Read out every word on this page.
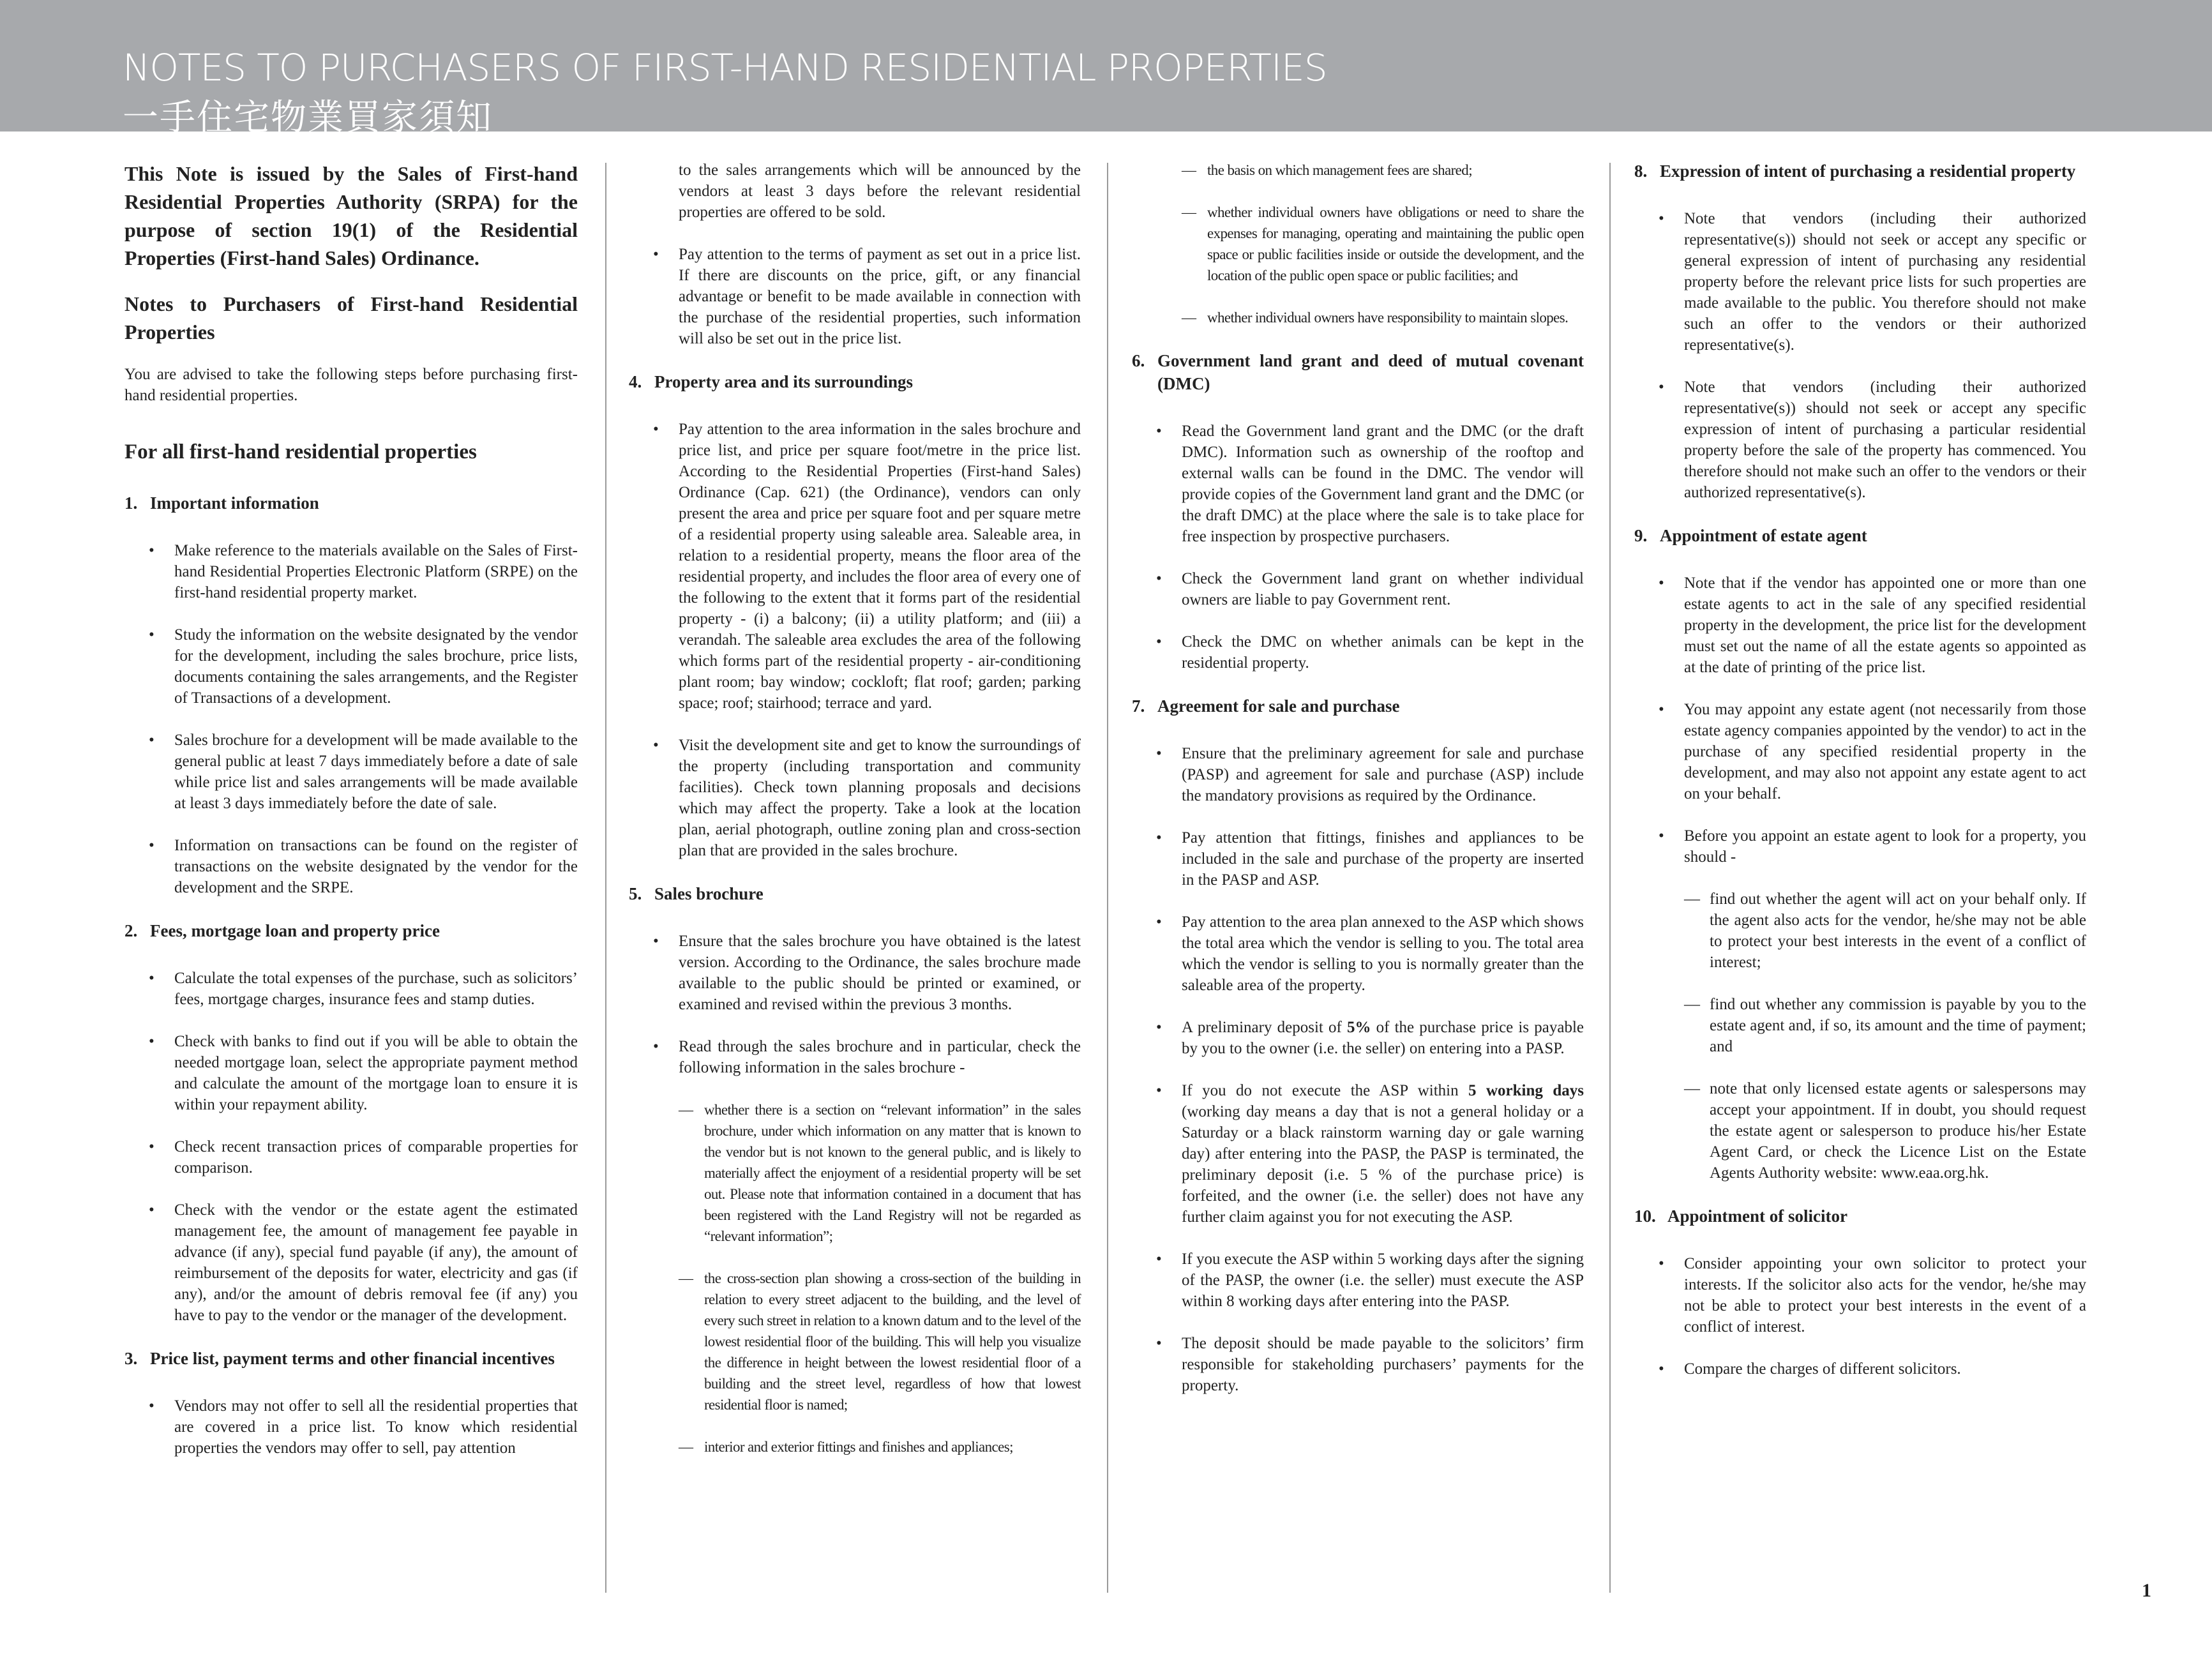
NOTES TO PURCHASERS OF FIRST-HAND RESIDENTIAL PROPERTIES
一手住宅物業買家須知
This Note is issued by the Sales of First-hand Residential Properties Authority (SRPA) for the purpose of section 19(1) of the Residential Properties (First-hand Sales) Ordinance.
Notes to Purchasers of First-hand Residential Properties
You are advised to take the following steps before purchasing first-hand residential properties.
For all first-hand residential properties
1. Important information
•	Make reference to the materials available on the Sales of First-hand Residential Properties Electronic Platform (SRPE) on the first-hand residential property market.
•	Study the information on the website designated by the vendor for the development, including the sales brochure, price lists, documents containing the sales arrangements, and the Register of Transactions of a development.
•	Sales brochure for a development will be made available to the general public at least 7 days immediately before a date of sale while price list and sales arrangements will be made available at least 3 days immediately before the date of sale.
•	Information on transactions can be found on the register of transactions on the website designated by the vendor for the development and the SRPE.
2. Fees, mortgage loan and property price
•	Calculate the total expenses of the purchase, such as solicitors’ fees, mortgage charges, insurance fees and stamp duties.
•	Check with banks to find out if you will be able to obtain the needed mortgage loan, select the appropriate payment method and calculate the amount of the mortgage loan to ensure it is within your repayment ability.
•	Check recent transaction prices of comparable properties for comparison.
•	Check with the vendor or the estate agent the estimated management fee, the amount of management fee payable in advance (if any), special fund payable (if any), the amount of reimbursement of the deposits for water, electricity and gas (if any), and/or the amount of debris removal fee (if any) you have to pay to the vendor or the manager of the development.
3. Price list, payment terms and other financial incentives
•	Vendors may not offer to sell all the residential properties that are covered in a price list. To know which residential properties the vendors may offer to sell, pay attention
to the sales arrangements which will be announced by the vendors at least 3 days before the relevant residential properties are offered to be sold.
•	Pay attention to the terms of payment as set out in a price list. If there are discounts on the price, gift, or any financial advantage or benefit to be made available in connection with the purchase of the residential properties, such information will also be set out in the price list.
4. Property area and its surroundings
•	Pay attention to the area information in the sales brochure and price list, and price per square foot/metre in the price list. According to the Residential Properties (First-hand Sales) Ordinance (Cap. 621) (the Ordinance), vendors can only present the area and price per square foot and per square metre of a residential property using saleable area. Saleable area, in relation to a residential property, means the floor area of the residential property, and includes the floor area of every one of the following to the extent that it forms part of the residential property - (i) a balcony; (ii) a utility platform; and (iii) a verandah. The saleable area excludes the area of the following which forms part of the residential property - air-conditioning plant room; bay window; cockloft; flat roof; garden; parking space; roof; stairhood; terrace and yard.
•	Visit the development site and get to know the surroundings of the property (including transportation and community facilities). Check town planning proposals and decisions which may affect the property. Take a look at the location plan, aerial photograph, outline zoning plan and cross-section plan that are provided in the sales brochure.
5. Sales brochure
•	Ensure that the sales brochure you have obtained is the latest version. According to the Ordinance, the sales brochure made available to the public should be printed or examined, or examined and revised within the previous 3 months.
•	Read through the sales brochure and in particular, check the following information in the sales brochure -
— whether there is a section on “relevant information” in the sales brochure, under which information on any matter that is known to the vendor but is not known to the general public, and is likely to materially affect the enjoyment of a residential property will be set out. Please note that information contained in a document that has been registered with the Land Registry will not be regarded as “relevant information”;
— the cross-section plan showing a cross-section of the building in relation to every street adjacent to the building, and the level of every such street in relation to a known datum and to the level of the lowest residential floor of the building. This will help you visualize the difference in height between the lowest residential floor of a building and the street level, regardless of how that lowest residential floor is named;
— interior and exterior fittings and finishes and appliances;
— the basis on which management fees are shared;
— whether individual owners have obligations or need to share the expenses for managing, operating and maintaining the public open space or public facilities inside or outside the development, and the location of the public open space or public facilities; and
— whether individual owners have responsibility to maintain slopes.
6. Government land grant and deed of mutual covenant (DMC)
•	Read the Government land grant and the DMC (or the draft DMC). Information such as ownership of the rooftop and external walls can be found in the DMC. The vendor will provide copies of the Government land grant and the DMC (or the draft DMC) at the place where the sale is to take place for free inspection by prospective purchasers.
•	Check the Government land grant on whether individual owners are liable to pay Government rent.
•	Check the DMC on whether animals can be kept in the residential property.
7. Agreement for sale and purchase
•	Ensure that the preliminary agreement for sale and purchase (PASP) and agreement for sale and purchase (ASP) include the mandatory provisions as required by the Ordinance.
•	Pay attention that fittings, finishes and appliances to be included in the sale and purchase of the property are inserted in the PASP and ASP.
•	Pay attention to the area plan annexed to the ASP which shows the total area which the vendor is selling to you. The total area which the vendor is selling to you is normally greater than the saleable area of the property.
•	A preliminary deposit of 5% of the purchase price is payable by you to the owner (i.e. the seller) on entering into a PASP.
•	If you do not execute the ASP within 5 working days (working day means a day that is not a general holiday or a Saturday or a black rainstorm warning day or gale warning day) after entering into the PASP, the PASP is terminated, the preliminary deposit (i.e. 5 % of the purchase price) is forfeited, and the owner (i.e. the seller) does not have any further claim against you for not executing the ASP.
•	If you execute the ASP within 5 working days after the signing of the PASP, the owner (i.e. the seller) must execute the ASP within 8 working days after entering into the PASP.
•	The deposit should be made payable to the solicitors’ firm responsible for stakeholding purchasers’ payments for the property.
8. Expression of intent of purchasing a residential property
•	Note that vendors (including their authorized representative(s)) should not seek or accept any specific or general expression of intent of purchasing any residential property before the relevant price lists for such properties are made available to the public. You therefore should not make such an offer to the vendors or their authorized representative(s).
•	Note that vendors (including their authorized representative(s)) should not seek or accept any specific expression of intent of purchasing a particular residential property before the sale of the property has commenced. You therefore should not make such an offer to the vendors or their authorized representative(s).
9. Appointment of estate agent
•	Note that if the vendor has appointed one or more than one estate agents to act in the sale of any specified residential property in the development, the price list for the development must set out the name of all the estate agents so appointed as at the date of printing of the price list.
•	You may appoint any estate agent (not necessarily from those estate agency companies appointed by the vendor) to act in the purchase of any specified residential property in the development, and may also not appoint any estate agent to act on your behalf.
•	Before you appoint an estate agent to look for a property, you should -
— find out whether the agent will act on your behalf only. If the agent also acts for the vendor, he/she may not be able to protect your best interests in the event of a conflict of interest;
— find out whether any commission is payable by you to the estate agent and, if so, its amount and the time of payment; and
— note that only licensed estate agents or salespersons may accept your appointment. If in doubt, you should request the estate agent or salesperson to produce his/her Estate Agent Card, or check the Licence List on the Estate Agents Authority website: www.eaa.org.hk.
10. Appointment of solicitor
•	Consider appointing your own solicitor to protect your interests. If the solicitor also acts for the vendor, he/she may not be able to protect your best interests in the event of a conflict of interest.
•	Compare the charges of different solicitors.
1
